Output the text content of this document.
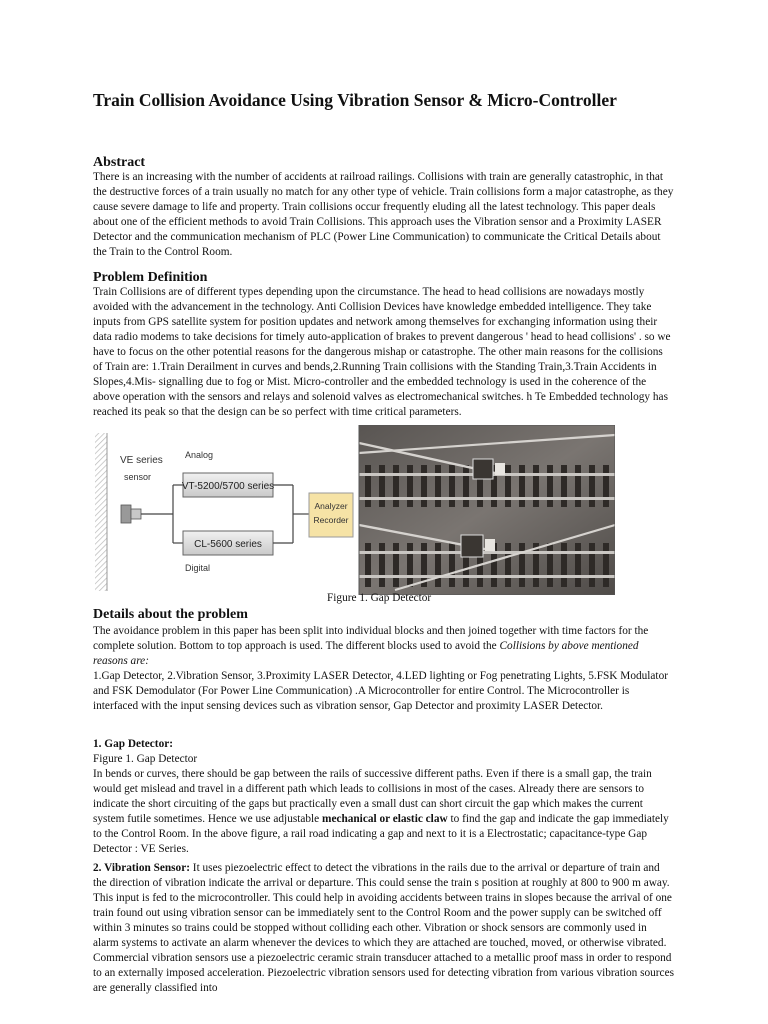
Train Collision Avoidance Using Vibration Sensor & Micro-Controller
Abstract

There is an increasing with the number of accidents at railroad railings. Collisions with train are generally catastrophic, in that the destructive forces of a train usually no match for any other type of vehicle. Train collisions form a major catastrophe, as they cause severe damage to life and property. Train collisions occur frequently eluding all the latest technology. This paper deals about one of the efficient methods to avoid Train Collisions. This approach uses the Vibration sensor and a Proximity LASER Detector and the communication mechanism of PLC (Power Line Communication) to communicate the Critical Details about the Train to the Control Room.

Problem Definition

Train Collisions are of different types depending upon the circumstance. The head to head collisions are nowadays mostly avoided with the advancement in the technology. Anti Collision Devices have knowledge embedded intelligence. They take inputs from GPS satellite system for position updates and network among themselves for exchanging information using their data radio modems to take decisions for timely auto-application of brakes to prevent dangerous ' head to head collisions' . so we have to focus on the other potential reasons for the dangerous mishap or catastrophe. The other main reasons for the collisions of Train are: 1.Train Derailment in curves and bends,2.Running Train collisions with the Standing Train,3.Train Accidents in Slopes,4.Mis- signalling due to fog or Mist. Micro-controller and the embedded technology is used in the coherence of the above operation with the sensors and relays and solenoid valves as electromechanical switches. h Te Embedded technology has reached its peak so that the design can be so perfect with time critical parameters.

VE series
sensor
Analog
VT-5200/5700 series
CL-5600 series
Digital
Analyzer
Recorder
Figure 1. Gap Detector
Details about the problem

The avoidance problem in this paper has been split into individual blocks and then joined together with time factors for the complete solution. Bottom to top approach is used. The different blocks used to avoid the Collisions by above mentioned reasons are:
1.Gap Detector, 2.Vibration Sensor, 3.Proximity LASER Detector, 4.LED lighting or Fog penetrating Lights, 5.FSK Modulator and FSK Demodulator (For Power Line Communication) .A Microcontroller for entire Control. The Microcontroller is interfaced with the input sensing devices such as vibration sensor, Gap Detector and proximity LASER Detector.

1. Gap Detector:
Figure 1. Gap Detector
In bends or curves, there should be gap between the rails of successive different paths. Even if there is a small gap, the train would get mislead and travel in a different path which leads to collisions in most of the cases. Already there are sensors to indicate the short circuiting of the gaps but practically even a small dust can short circuit the gap which makes the current system futile sometimes. Hence we use adjustable mechanical or elastic claw to find the gap and indicate the gap immediately to the Control Room. In the above figure, a rail road indicating a gap and next to it is a Electrostatic; capacitance-type Gap Detector : VE Series.

2. Vibration Sensor: It uses piezoelectric effect to detect the vibrations in the rails due to the arrival or departure of train and the direction of vibration indicate the arrival or departure. This could sense the train s position at roughly at 800 to 900 m away. This input is fed to the microcontroller. This could help in avoiding accidents between trains in slopes because the arrival of one train found out using vibration sensor can be immediately sent to the Control Room and the power supply can be switched off within 3 minutes so trains could be stopped without colliding each other. Vibration or shock sensors are commonly used in alarm systems to activate an alarm whenever the devices to which they are attached are touched, moved, or otherwise vibrated. Commercial vibration sensors use a piezoelectric ceramic strain transducer attached to a metallic proof mass in order to respond to an externally imposed acceleration. Piezoelectric vibration sensors used for detecting vibration from various vibration sources are generally classified into
